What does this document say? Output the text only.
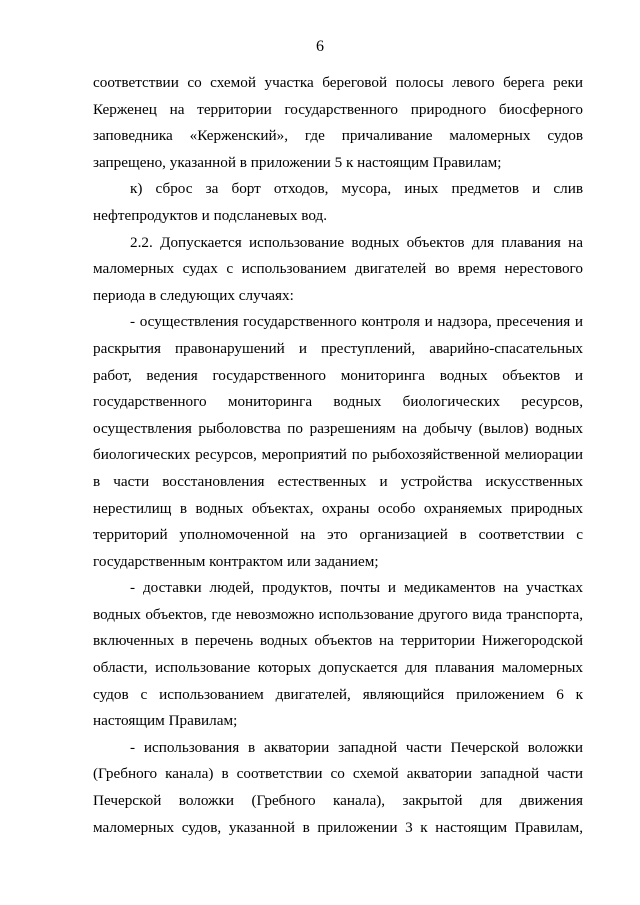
6
соответствии со схемой участка береговой полосы левого берега реки
Керженец на территории государственного природного биосферного
заповедника «Керженский», где причаливание маломерных судов
запрещено, указанной в приложении 5 к настоящим Правилам;
к) сброс за борт отходов, мусора, иных предметов и слив
нефтепродуктов и подсланевых вод.
2.2. Допускается использование водных объектов для плавания на
маломерных судах с использованием двигателей во время нерестового
периода в следующих случаях:
- осуществления государственного контроля и надзора, пресечения и
раскрытия правонарушений и преступлений, аварийно-спасательных
работ, ведения государственного мониторинга водных объектов и
государственного мониторинга водных биологических ресурсов,
осуществления рыболовства по разрешениям на добычу (вылов) водных
биологических ресурсов, мероприятий по рыбохозяйственной мелиорации
в части восстановления естественных и устройства искусственных
нерестилищ в водных объектах, охраны особо охраняемых природных
территорий уполномоченной на это организацией в соответствии с
государственным контрактом или заданием;
- доставки людей, продуктов, почты и медикаментов на участках
водных объектов, где невозможно использование другого вида транспорта,
включенных в перечень водных объектов на территории Нижегородской
области, использование которых допускается для плавания маломерных
судов с использованием двигателей, являющийся приложением 6 к
настоящим Правилам;
- использования в акватории западной части Печерской воложки
(Гребного канала) в соответствии со схемой акватории западной части
Печерской воложки (Гребного канала), закрытой для движения
маломерных судов, указанной в приложении 3 к настоящим Правилам,
